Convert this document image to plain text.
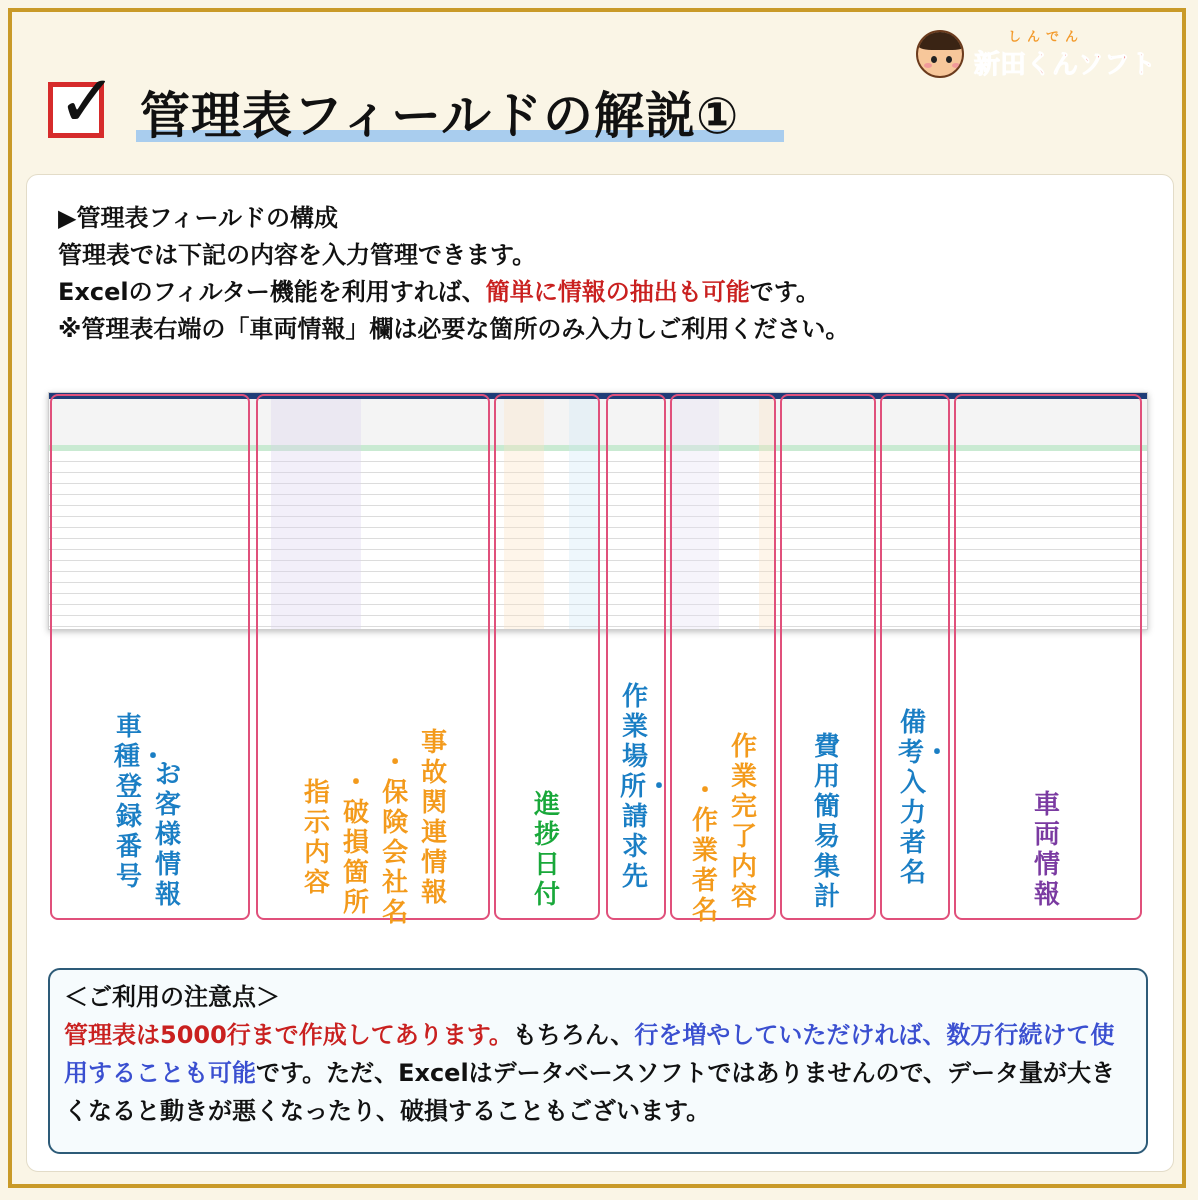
✓ 管理表フィールドの解説①
しんでん
新田くんソフト
▶管理表フィールドの構成
管理表では下記の内容を入力管理できます。
Excelのフィルター機能を利用すれば、簡単に情報の抽出も可能です。
※管理表右端の「車両情報」欄は必要な箇所のみ入力しご利用ください。
車種・登録番号 お客様情報
指示内容 ・破損箇所 ・保険会社名 事故関連情報
進捗日付
作業場所・請求先
・作業者名 作業完了内容
費用簡易集計
備考・入力者名
車両情報
＜ご利用の注意点＞
管理表は5000行まで作成してあります。もちろん、行を増やしていただければ、数万行続けて使用することも可能です。ただ、Excelはデータベースソフトではありませんので、データ量が大きくなると動きが悪くなったり、破損することもございます。
